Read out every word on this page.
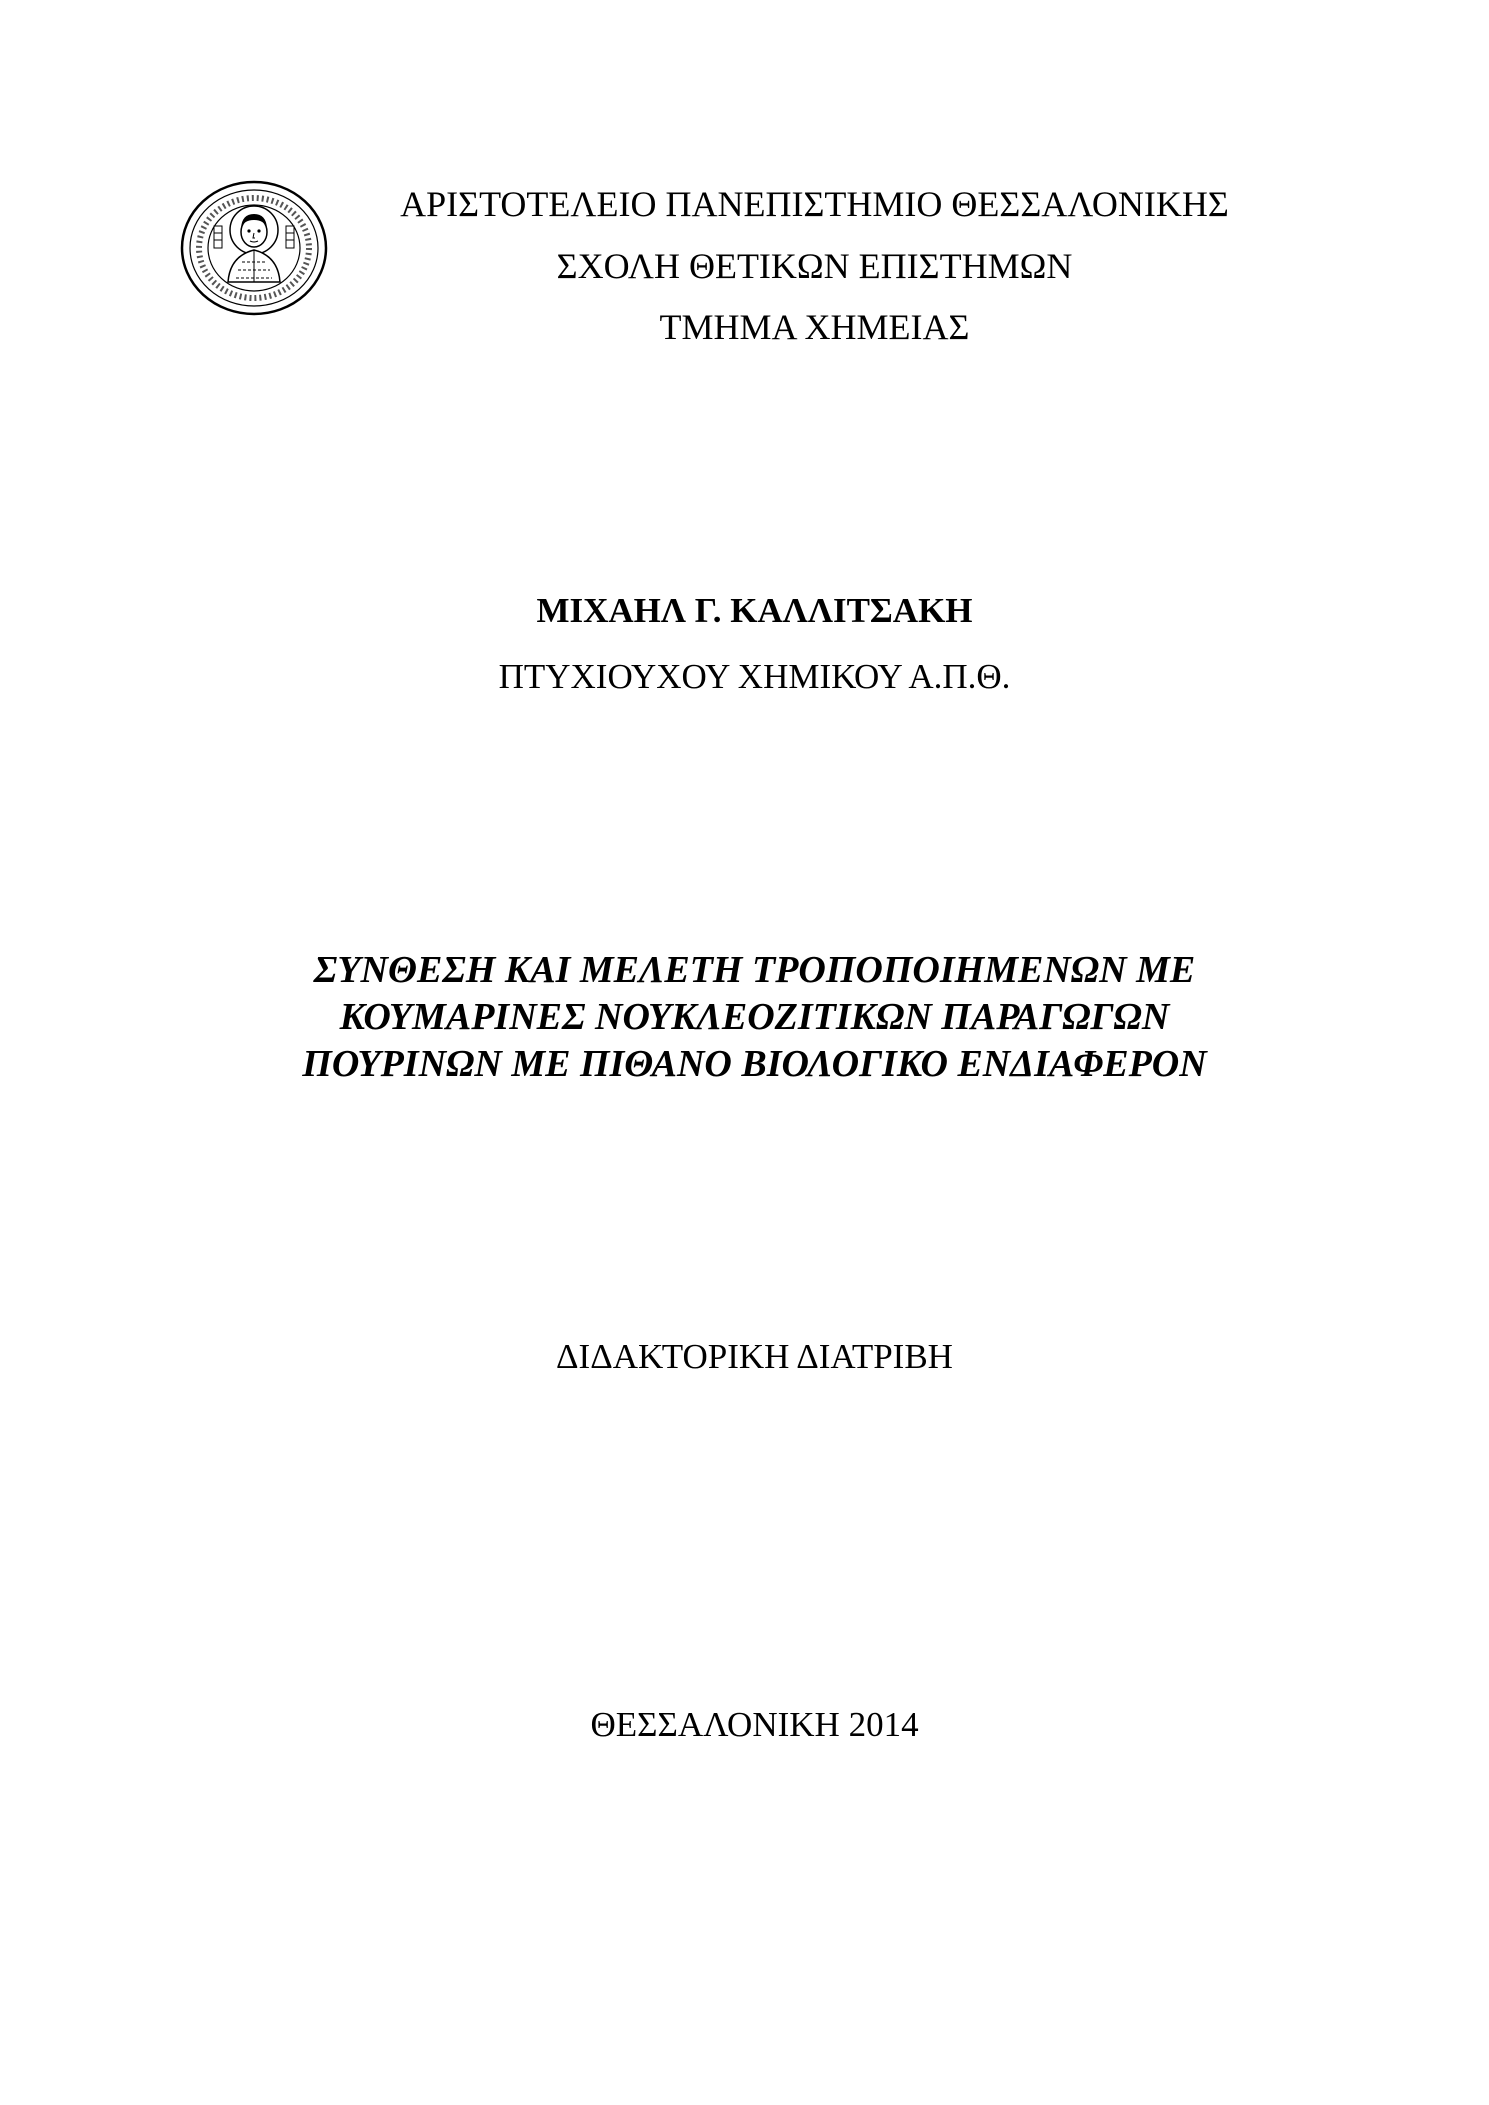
ΑΡΙΣΤΟΤΕΛΕΙΟ ΠΑΝΕΠΙΣΤΗΜΙΟ ΘΕΣΣΑΛΟΝΙΚΗΣ
ΣΧΟΛΗ ΘΕΤΙΚΩΝ ΕΠΙΣΤΗΜΩΝ
ΤΜΗΜΑ ΧΗΜΕΙΑΣ
ΜΙΧΑΗΛ Γ. ΚΑΛΛΙΤΣΑΚΗ
ΠΤΥΧΙΟΥΧΟΥ ΧΗΜΙΚΟΥ Α.Π.Θ.
ΣΥΝΘΕΣΗ ΚΑΙ ΜΕΛΕΤΗ ΤΡΟΠΟΠΟΙΗΜΕΝΩΝ ΜΕ
ΚΟΥΜΑΡΙΝΕΣ ΝΟΥΚΛΕΟΖΙΤΙΚΩΝ ΠΑΡΑΓΩΓΩΝ
ΠΟΥΡΙΝΩΝ ΜΕ ΠΙΘΑΝΟ ΒΙΟΛΟΓΙΚΟ ΕΝΔΙΑΦΕΡΟΝ
ΔΙΔΑΚΤΟΡΙΚΗ ΔΙΑΤΡΙΒΗ
ΘΕΣΣΑΛΟΝΙΚΗ 2014
